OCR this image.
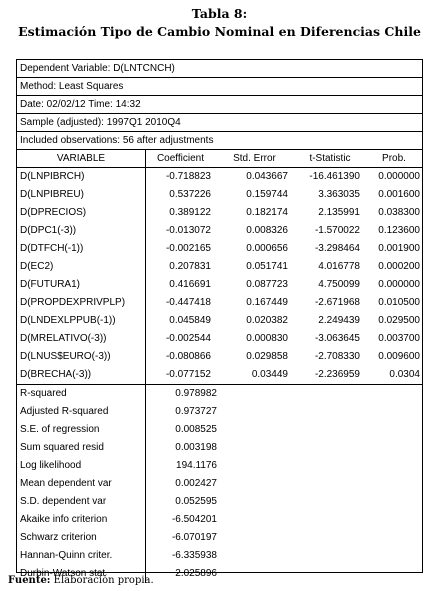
Tabla 8:
Estimación Tipo de Cambio Nominal en Diferencias Chile
Dependent Variable: D(LNTCNCH)
Method: Least Squares
Date: 02/02/12 Time: 14:32
Sample (adjusted): 1997Q1 2010Q4
Included observations: 56 after adjustments
VARIABLE	Coefficient	Std. Error	t-Statistic	Prob.
D(LNPIBRCH)	-0.718823	0.043667	-16.461390	0.000000
D(LNPIBREU)	0.537226	0.159744	3.363035	0.001600
D(DPRECIOS)	0.389122	0.182174	2.135991	0.038300
D(DPC1(-3))	-0.013072	0.008326	-1.570022	0.123600
D(DTFCH(-1))	-0.002165	0.000656	-3.298464	0.001900
D(EC2)	0.207831	0.051741	4.016778	0.000200
D(FUTURA1)	0.416691	0.087723	4.750099	0.000000
D(PROPDEXPRIVPLP)	-0.447418	0.167449	-2.671968	0.010500
D(LNDEXLPPUB(-1))	0.045849	0.020382	2.249439	0.029500
D(MRELATIVO(-3))	-0.002544	0.000830	-3.063645	0.003700
D(LNUS$EURO(-3))	-0.080866	0.029858	-2.708330	0.009600
D(BRECHA(-3))	-0.077152	0.03449	-2.236959	0.0304
R-squared	0.978982
Adjusted R-squared	0.973727
S.E. of regression	0.008525
Sum squared resid	0.003198
Log likelihood	194.1176
Mean dependent var	0.002427
S.D. dependent var	0.052595
Akaike info criterion	-6.504201
Schwarz criterion	-6.070197
Hannan-Quinn criter.	-6.335938
Durbin-Watson stat	2.025896
Fuente: Elaboración propia.
